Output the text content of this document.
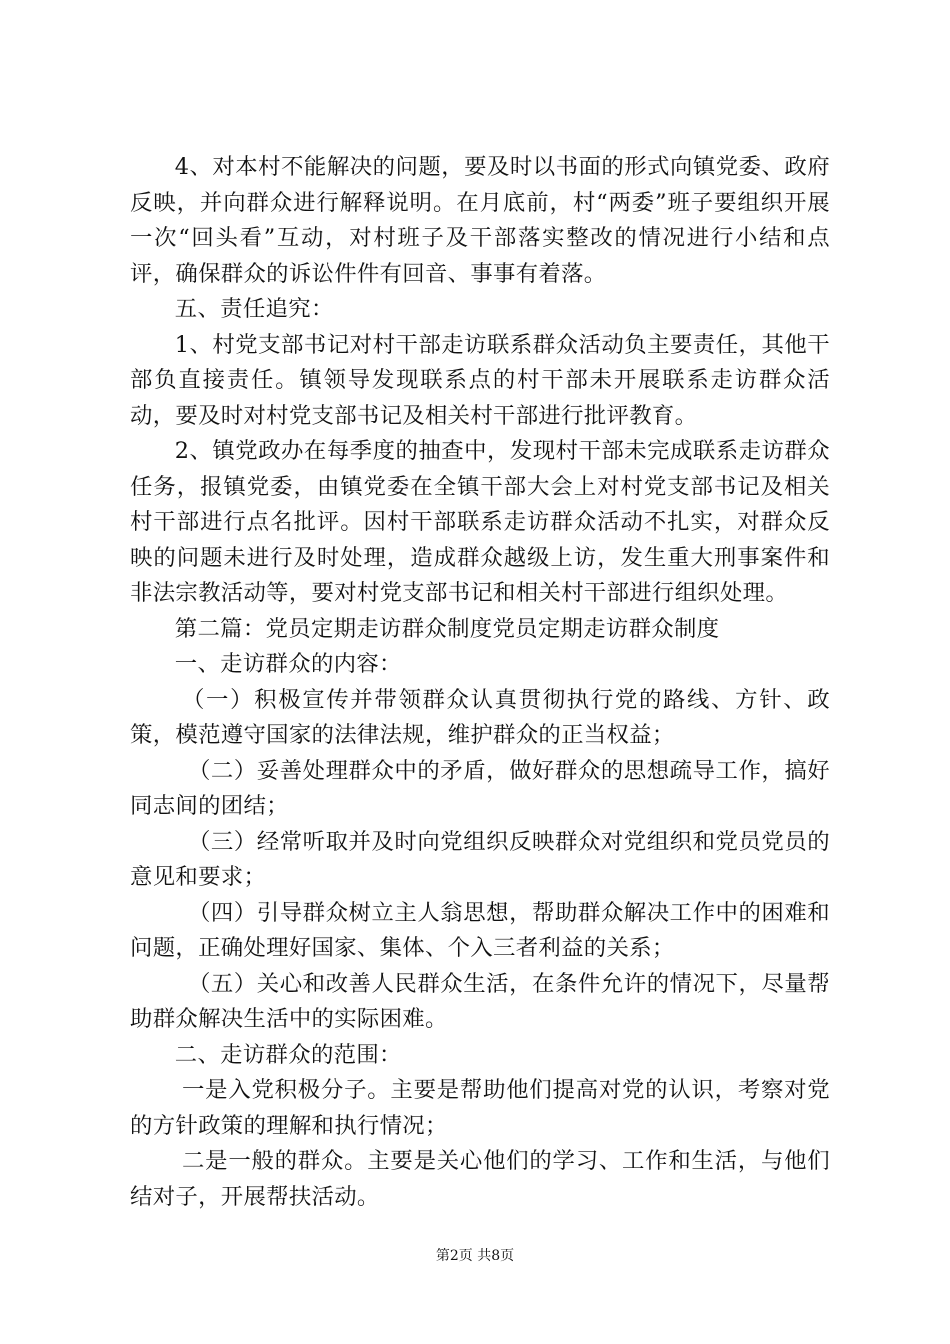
4、对本村不能解决的问题，要及时以书面的形式向镇党委、政府反映，并向群众进行解释说明。在月底前，村“两委”班子要组织开展一次“回头看”互动，对村班子及干部落实整改的情况进行小结和点评，确保群众的诉讼件件有回音、事事有着落。

五、责任追究：

1、村党支部书记对村干部走访联系群众活动负主要责任，其他干部负直接责任。镇领导发现联系点的村干部未开展联系走访群众活动，要及时对村党支部书记及相关村干部进行批评教育。

2、镇党政办在每季度的抽查中，发现村干部未完成联系走访群众任务，报镇党委，由镇党委在全镇干部大会上对村党支部书记及相关村干部进行点名批评。因村干部联系走访群众活动不扎实，对群众反映的问题未进行及时处理，造成群众越级上访，发生重大刑事案件和非法宗教活动等，要对村党支部书记和相关村干部进行组织处理。

第二篇：党员定期走访群众制度党员定期走访群众制度

一、走访群众的内容：

（一）积极宣传并带领群众认真贯彻执行党的路线、方针、政策，模范遵守国家的法律法规，维护群众的正当权益；

（二）妥善处理群众中的矛盾，做好群众的思想疏导工作，搞好同志间的团结；

（三）经常听取并及时向党组织反映群众对党组织和党员党员的意见和要求；

（四）引导群众树立主人翁思想，帮助群众解决工作中的困难和问题，正确处理好国家、集体、个入三者利益的关系；

（五）关心和改善人民群众生活，在条件允许的情况下，尽量帮助群众解决生活中的实际困难。

二、走访群众的范围：

一是入党积极分子。主要是帮助他们提高对党的认识，考察对党的方针政策的理解和执行情况；

二是一般的群众。主要是关心他们的学习、工作和生活，与他们结对子，开展帮扶活动。

第2页 共8页
